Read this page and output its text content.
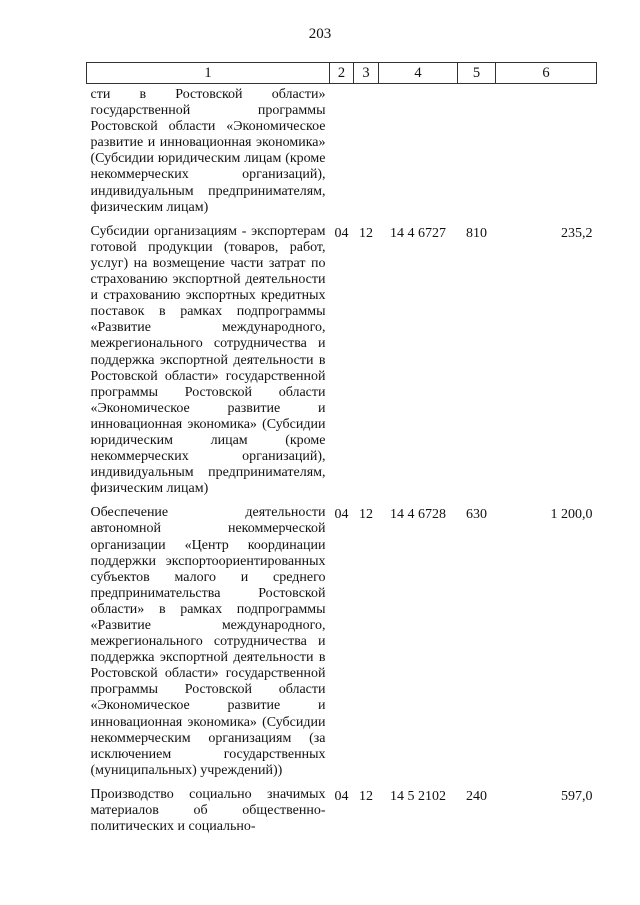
203
1	2	3	4	5	6
сти в Ростовской области» государственной программы Ростовской области «Экономическое развитие и инновационная экономика» (Субсидии юридическим лицам (кроме некоммерческих организаций), индивидуальным предпринимателям, физическим лицам)					
Субсидии организациям - экспортерам готовой продукции (товаров, работ, услуг) на возмещение части затрат по страхованию экспортной деятельности и страхованию экспортных кредитных поставок в рамках подпрограммы «Развитие международного, межрегионального сотрудничества и поддержка экспортной деятельности в Ростовской области» государственной программы Ростовской области «Экономическое развитие и инновационная экономика» (Субсидии юридическим лицам (кроме некоммерческих организаций), индивидуальным предпринимателям, физическим лицам)	04	12	14 4 6727	810	235,2
Обеспечение деятельности автономной некоммерческой организации «Центр координации поддержки экспортоориентированных субъектов малого и среднего предпринимательства Ростовской области» в рамках подпрограммы «Развитие международного, межрегионального сотрудничества и поддержка экспортной деятельности в Ростовской области» государственной программы Ростовской области «Экономическое развитие и инновационная экономика» (Субсидии некоммерческим организациям (за исключением государственных (муниципальных) учреждений))	04	12	14 4 6728	630	1 200,0
Производство социально значимых материалов об общественно-политических и социально-	04	12	14 5 2102	240	597,0
